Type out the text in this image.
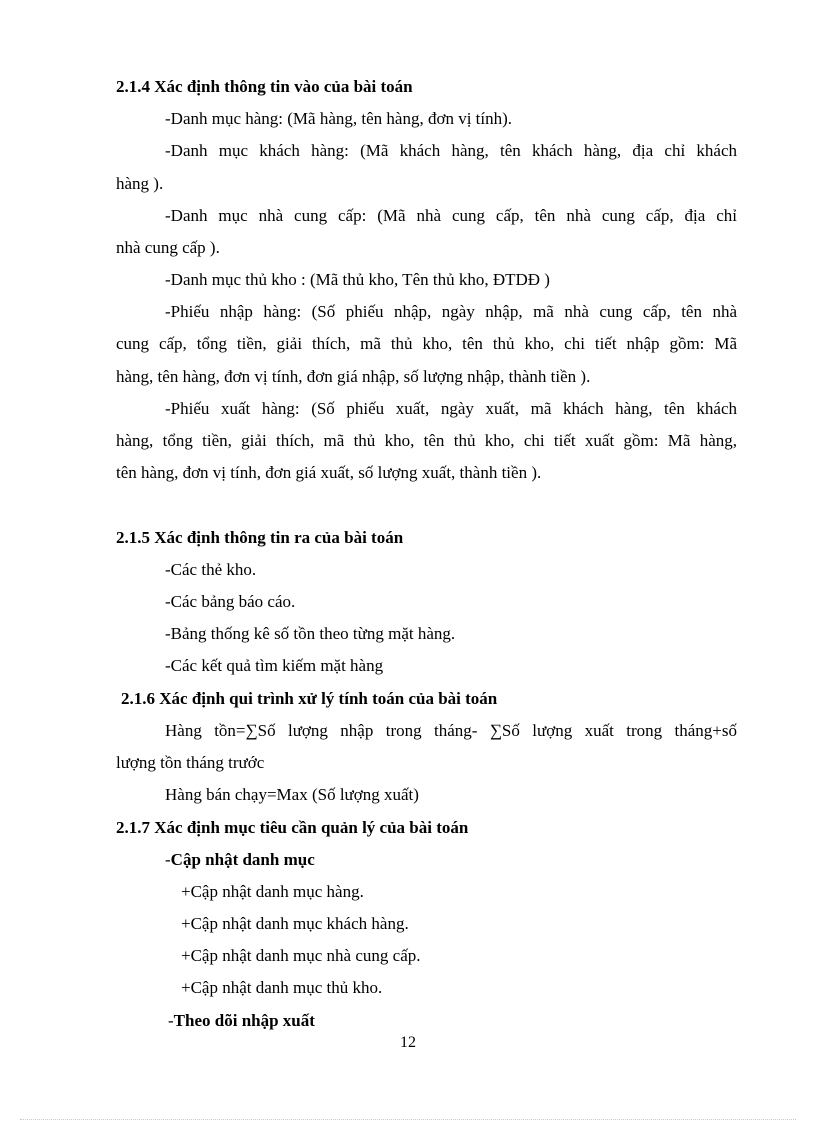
2.1.4 Xác định thông tin vào của bài toán
-Danh mục hàng: (Mã hàng, tên hàng, đơn vị tính).
-Danh mục khách hàng: (Mã khách hàng, tên khách hàng, địa chỉ khách
hàng ).
-Danh mục nhà cung cấp: (Mã nhà cung cấp, tên nhà cung cấp, địa chỉ
nhà cung cấp ).
-Danh mục thủ kho : (Mã thủ kho, Tên thủ kho, ĐTDĐ )
-Phiếu nhập hàng: (Số phiếu nhập, ngày nhập, mã nhà cung cấp, tên nhà
cung cấp, tổng tiền, giải thích, mã thủ kho, tên thủ kho, chi tiết nhập gồm: Mã
hàng, tên hàng, đơn vị tính, đơn giá nhập, số lượng nhập, thành tiền ).
-Phiếu xuất hàng: (Số phiếu xuất, ngày xuất, mã khách hàng, tên khách
hàng, tổng tiền, giải thích, mã thủ kho, tên thủ kho, chi tiết xuất gồm: Mã hàng,
tên hàng, đơn vị tính, đơn giá xuất, số lượng xuất, thành tiền ).
2.1.5 Xác định thông tin ra của bài toán
-Các thẻ kho.
-Các bảng báo cáo.
-Bảng thống kê số tồn theo từng mặt hàng.
-Các kết quả tìm kiếm mặt hàng
2.1.6 Xác định qui trình xử lý tính toán của bài toán
Hàng tồn=∑Số lượng nhập trong tháng- ∑Số lượng xuất trong tháng+số
lượng tồn tháng trước
Hàng bán chạy=Max (Số lượng xuất)
2.1.7 Xác định mục tiêu cần quản lý của bài toán
-Cập nhật danh mục
+Cập nhật danh mục hàng.
+Cập nhật danh mục khách hàng.
+Cập nhật danh mục nhà cung cấp.
+Cập nhật danh mục thủ kho.
-Theo dõi nhập xuất
12
